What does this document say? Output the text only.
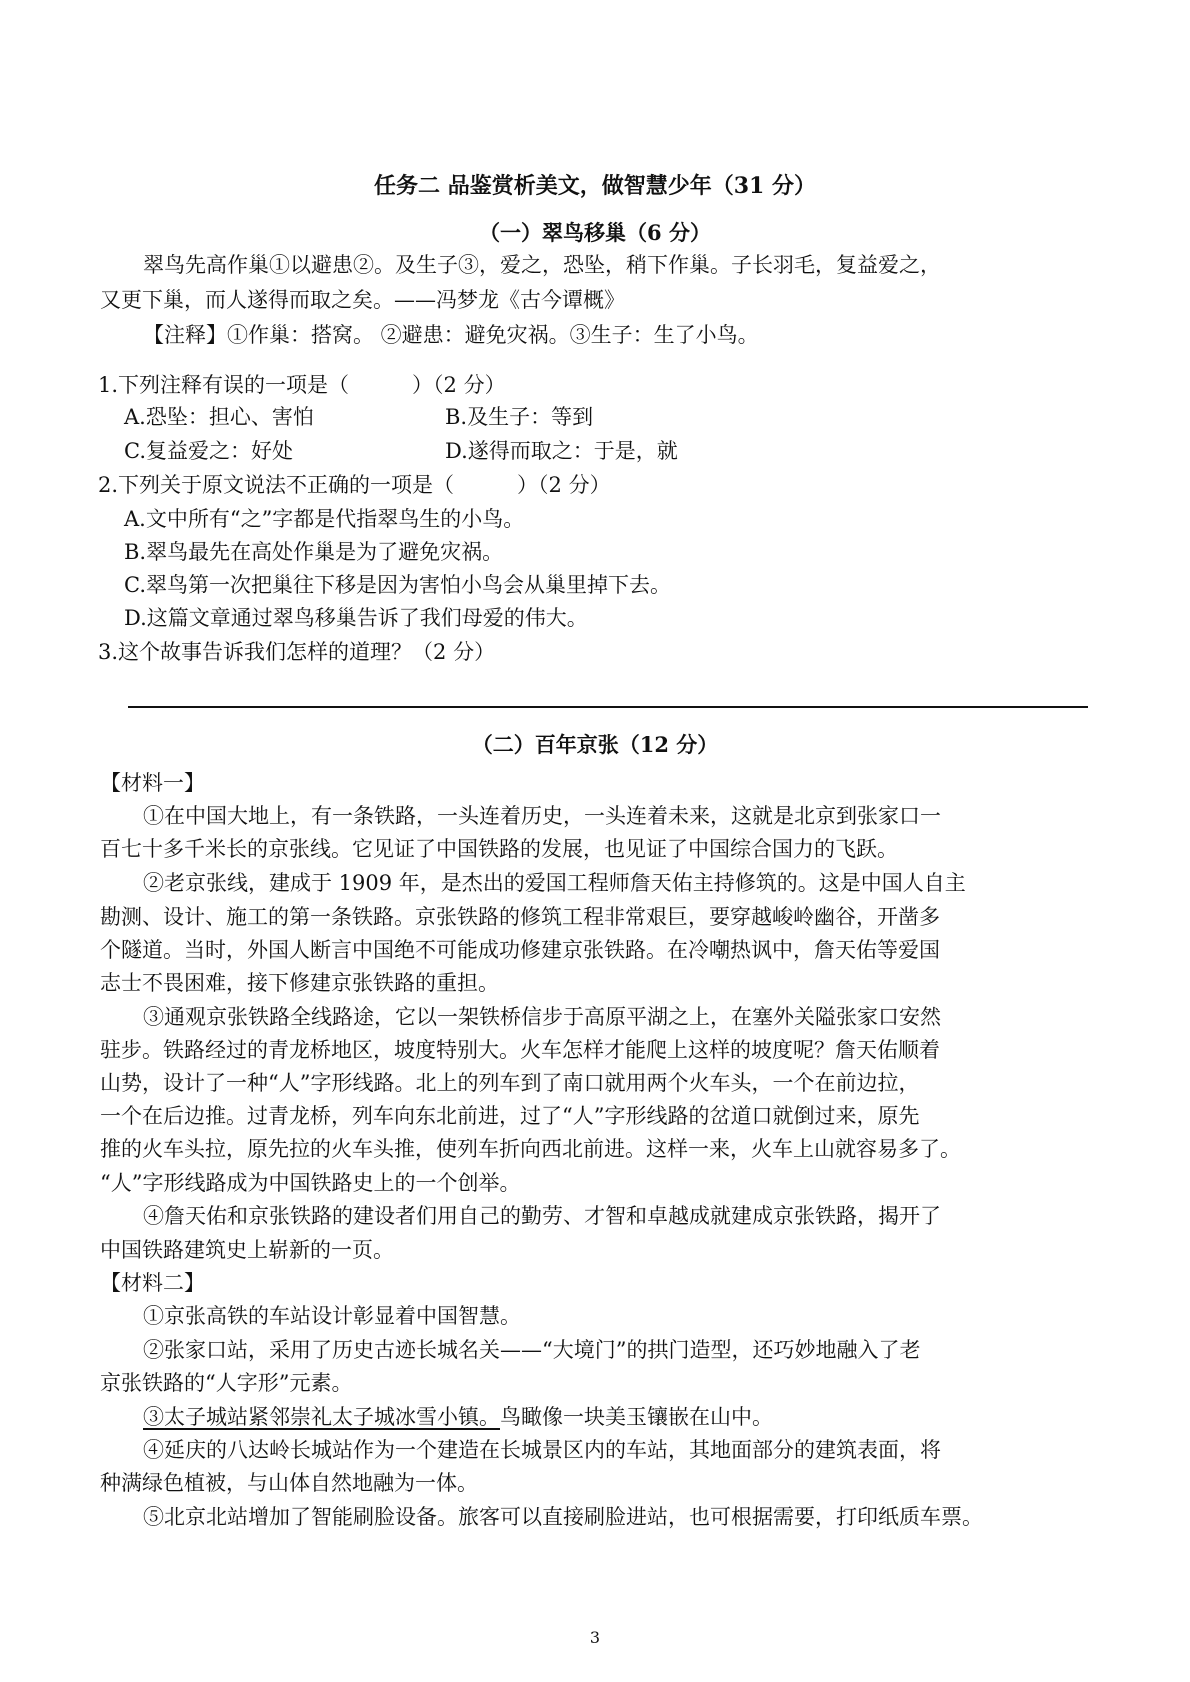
任务二 品鉴赏析美文，做智慧少年（31 分）
（一）翠鸟移巢（6 分）
翠鸟先高作巢①以避患②。及生子③，爱之，恐坠，稍下作巢。子长羽毛，复益爱之，
又更下巢，而人遂得而取之矣。——冯梦龙《古今谭概》
【注释】①作巢：搭窝。 ②避患：避免灾祸。③生子：生了小鸟。
1.下列注释有误的一项是（　　　）（2 分）
A.恐坠：担心、害怕	B.及生子：等到
C.复益爱之：好处	D.遂得而取之：于是，就
2.下列关于原文说法不正确的一项是（　　　）（2 分）
A.文中所有“之”字都是代指翠鸟生的小鸟。
B.翠鸟最先在高处作巢是为了避免灾祸。
C.翠鸟第一次把巢往下移是因为害怕小鸟会从巢里掉下去。
D.这篇文章通过翠鸟移巢告诉了我们母爱的伟大。
3.这个故事告诉我们怎样的道理？（2 分）
（二）百年京张（12 分）
【材料一】
①在中国大地上，有一条铁路，一头连着历史，一头连着未来，这就是北京到张家口一
百七十多千米长的京张线。它见证了中国铁路的发展，也见证了中国综合国力的飞跃。
②老京张线，建成于 1909 年，是杰出的爱国工程师詹天佑主持修筑的。这是中国人自主
勘测、设计、施工的第一条铁路。京张铁路的修筑工程非常艰巨，要穿越峻岭幽谷，开凿多
个隧道。当时，外国人断言中国绝不可能成功修建京张铁路。在冷嘲热讽中，詹天佑等爱国
志士不畏困难，接下修建京张铁路的重担。
③通观京张铁路全线路途，它以一架铁桥信步于高原平湖之上，在塞外关隘张家口安然
驻步。铁路经过的青龙桥地区，坡度特别大。火车怎样才能爬上这样的坡度呢？詹天佑顺着
山势，设计了一种“人”字形线路。北上的列车到了南口就用两个火车头，一个在前边拉，
一个在后边推。过青龙桥，列车向东北前进，过了“人”字形线路的岔道口就倒过来，原先
推的火车头拉，原先拉的火车头推，使列车折向西北前进。这样一来，火车上山就容易多了。
“人”字形线路成为中国铁路史上的一个创举。
④詹天佑和京张铁路的建设者们用自己的勤劳、才智和卓越成就建成京张铁路，揭开了
中国铁路建筑史上崭新的一页。
【材料二】
①京张高铁的车站设计彰显着中国智慧。
②张家口站，采用了历史古迹长城名关——“大境门”的拱门造型，还巧妙地融入了老
京张铁路的“人字形”元素。
③太子城站紧邻崇礼太子城冰雪小镇。鸟瞰像一块美玉镶嵌在山中。
④延庆的八达岭长城站作为一个建造在长城景区内的车站，其地面部分的建筑表面，将
种满绿色植被，与山体自然地融为一体。
⑤北京北站增加了智能刷脸设备。旅客可以直接刷脸进站，也可根据需要，打印纸质车票。
3
